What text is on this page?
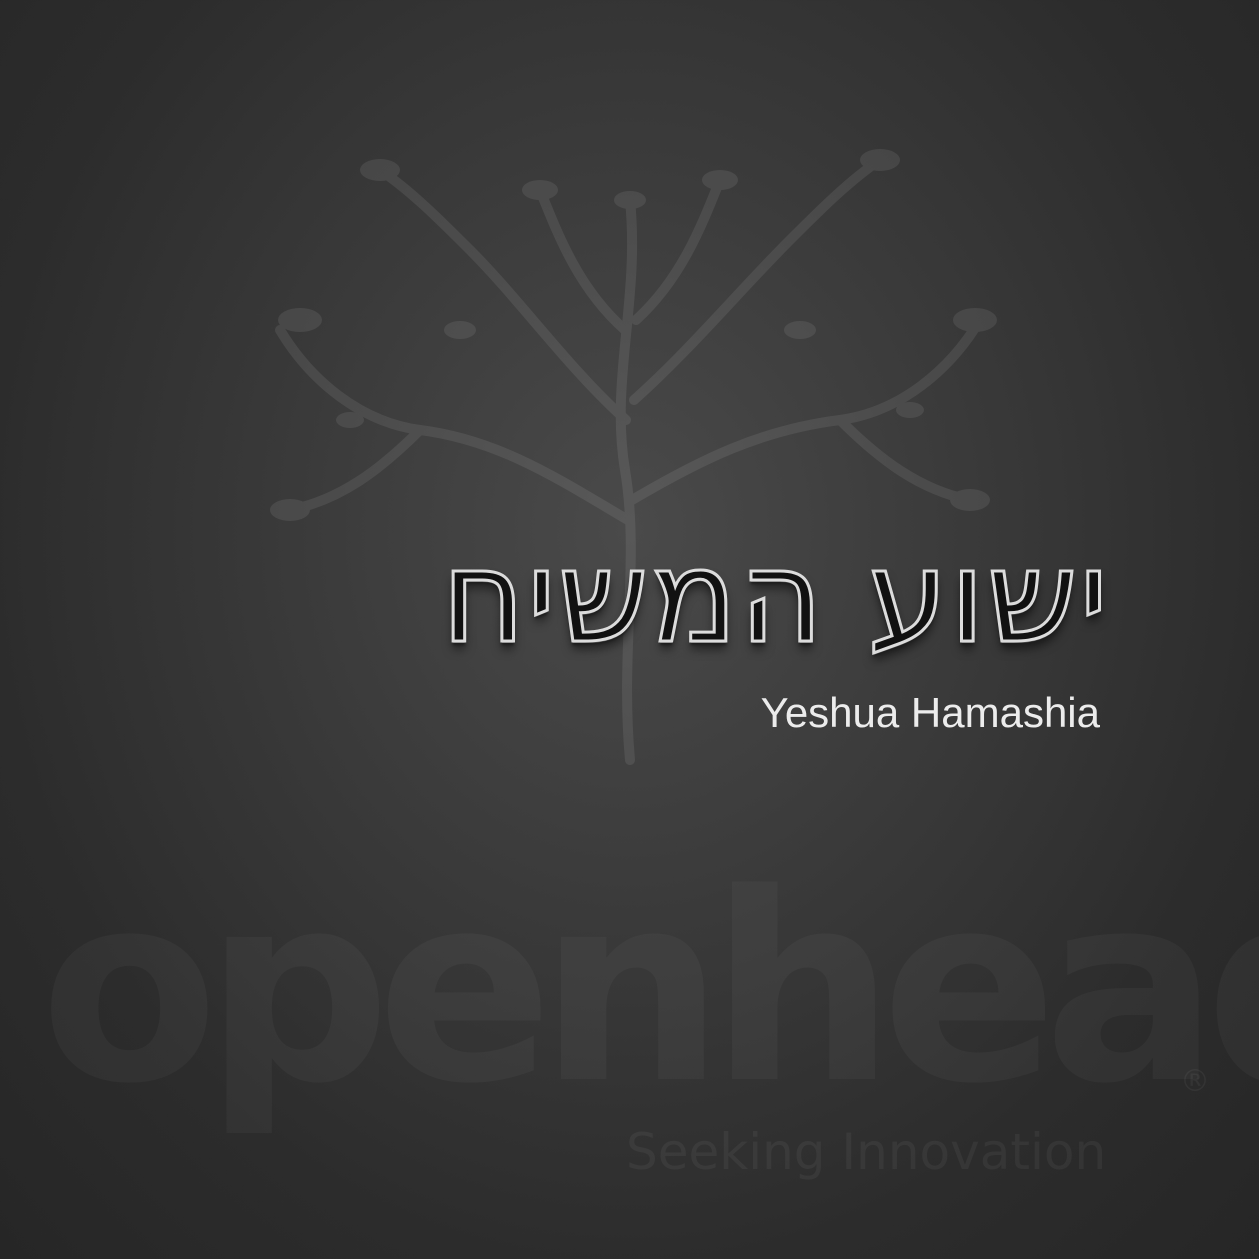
®
Seeking Innovation
ישוע המשיח
Yeshua Hamashia
